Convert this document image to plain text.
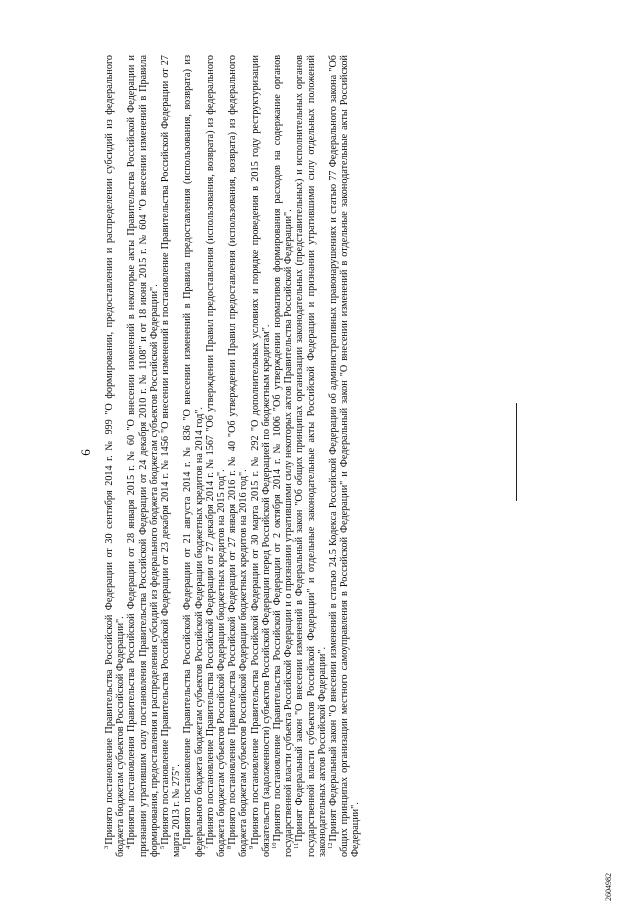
6

$^3$Принято постановление Правительства Российской Федерации от 30 сентября 2014 г. № 999 "О формировании, предоставлении и распределении субсидий из федерального бюджета бюджетам субъектов Российской Федерации".

$^4$Приняты постановления Правительства Российской Федерации от 28 января 2015 г. № 60 "О внесении изменений в некоторые акты Правительства Российской Федерации и признании утратившим силу постановления Правительства Российской Федерации от 24 декабря 2010 г. № 1108" и от 18 июня 2015 г. № 604 "О внесении изменений в Правила формирования, предоставления и распределения субсидий из федерального бюджета бюджетам субъектов Российской Федерации".

$^5$Принято постановление Правительства Российской Федерации от 23 декабря 2014 г. № 1456 "О внесении изменений в постановление Правительства Российской Федерации от 27 марта 2013 г. № 275".

$^6$Принято постановление Правительства Российской Федерации от 21 августа 2014 г. № 836 "О внесении изменений в Правила предоставления (использования, возврата) из федерального бюджета бюджетам субъектов Российской Федерации бюджетных кредитов на 2014 год".

$^7$Принято постановление Правительства Российской Федерации от 27 декабря 2014 г. № 1567 "Об утверждении Правил предоставления (использования, возврата) из федерального бюджета бюджетам субъектов Российской Федерации бюджетных кредитов на 2015 год".

$^8$Принято постановление Правительства Российской Федерации от 27 января 2016 г. № 40 "Об утверждении Правил предоставления (использования, возврата) из федерального бюджета бюджетам субъектов Российской Федерации бюджетных кредитов на 2016 год".

$^9$Принято постановление Правительства Российской Федерации от 30 марта 2015 г. № 292 "О дополнительных условиях и порядке проведения в 2015 году реструктуризации обязательств (задолженности) субъектов Российской Федерации перед Российской Федерацией по бюджетным кредитам".

$^{10}$Принято постановление Правительства Российской Федерации от 2 октября 2014 г. № 1006 "Об утверждении нормативов формирования расходов на содержание органов государственной власти субъекта Российской Федерации и о признании утратившими силу некоторых актов Правительства Российской Федерации".

$^{11}$Принят Федеральный закон "О внесении изменений в Федеральный закон "Об общих принципах организации законодательных (представительных) и исполнительных органов государственной власти субъектов Российской Федерации" и отдельные законодательные акты Российской Федерации и признании утратившими силу отдельных положений законодательных актов Российской Федерации".

$^{12}$Принят Федеральный закон "О внесении изменений в статью 24.5 Кодекса Российской Федерации об административных правонарушениях и статью 77 Федерального закона "Об общих принципах организации местного самоуправления в Российской Федерации" и Федеральный закон "О внесении изменений в отдельные законодательные акты Российской Федерации".

2604982
